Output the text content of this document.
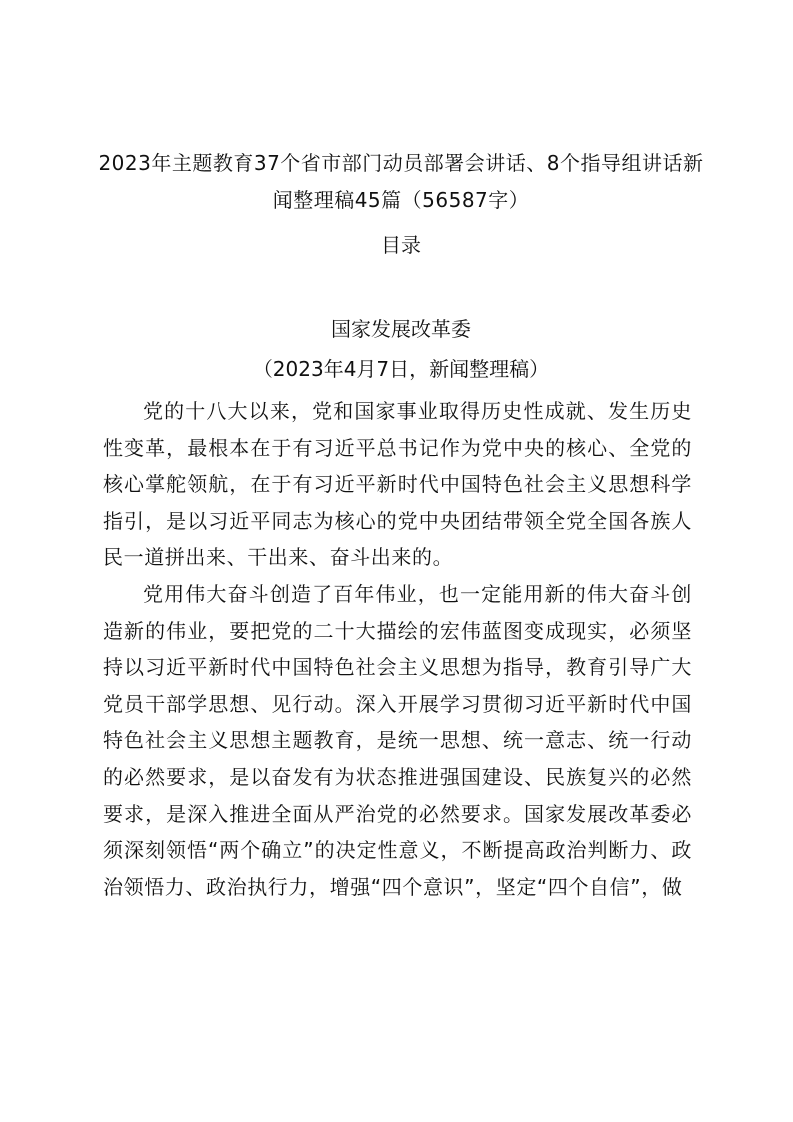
2023年主题教育37个省市部门动员部署会讲话、8个指导组讲话新闻整理稿45篇（56587字）
目录
国家发展改革委
（2023年4月7日，新闻整理稿）

党的十八大以来，党和国家事业取得历史性成就、发生历史性变革，最根本在于有习近平总书记作为党中央的核心、全党的核心掌舵领航，在于有习近平新时代中国特色社会主义思想科学指引，是以习近平同志为核心的党中央团结带领全党全国各族人民一道拼出来、干出来、奋斗出来的。

党用伟大奋斗创造了百年伟业，也一定能用新的伟大奋斗创造新的伟业，要把党的二十大描绘的宏伟蓝图变成现实，必须坚持以习近平新时代中国特色社会主义思想为指导，教育引导广大党员干部学思想、见行动。深入开展学习贯彻习近平新时代中国特色社会主义思想主题教育，是统一思想、统一意志、统一行动的必然要求，是以奋发有为状态推进强国建设、民族复兴的必然要求，是深入推进全面从严治党的必然要求。国家发展改革委必须深刻领悟“两个确立”的决定性意义，不断提高政治判断力、政治领悟力、政治执行力，增强“四个意识”，坚定“四个自信”，做
